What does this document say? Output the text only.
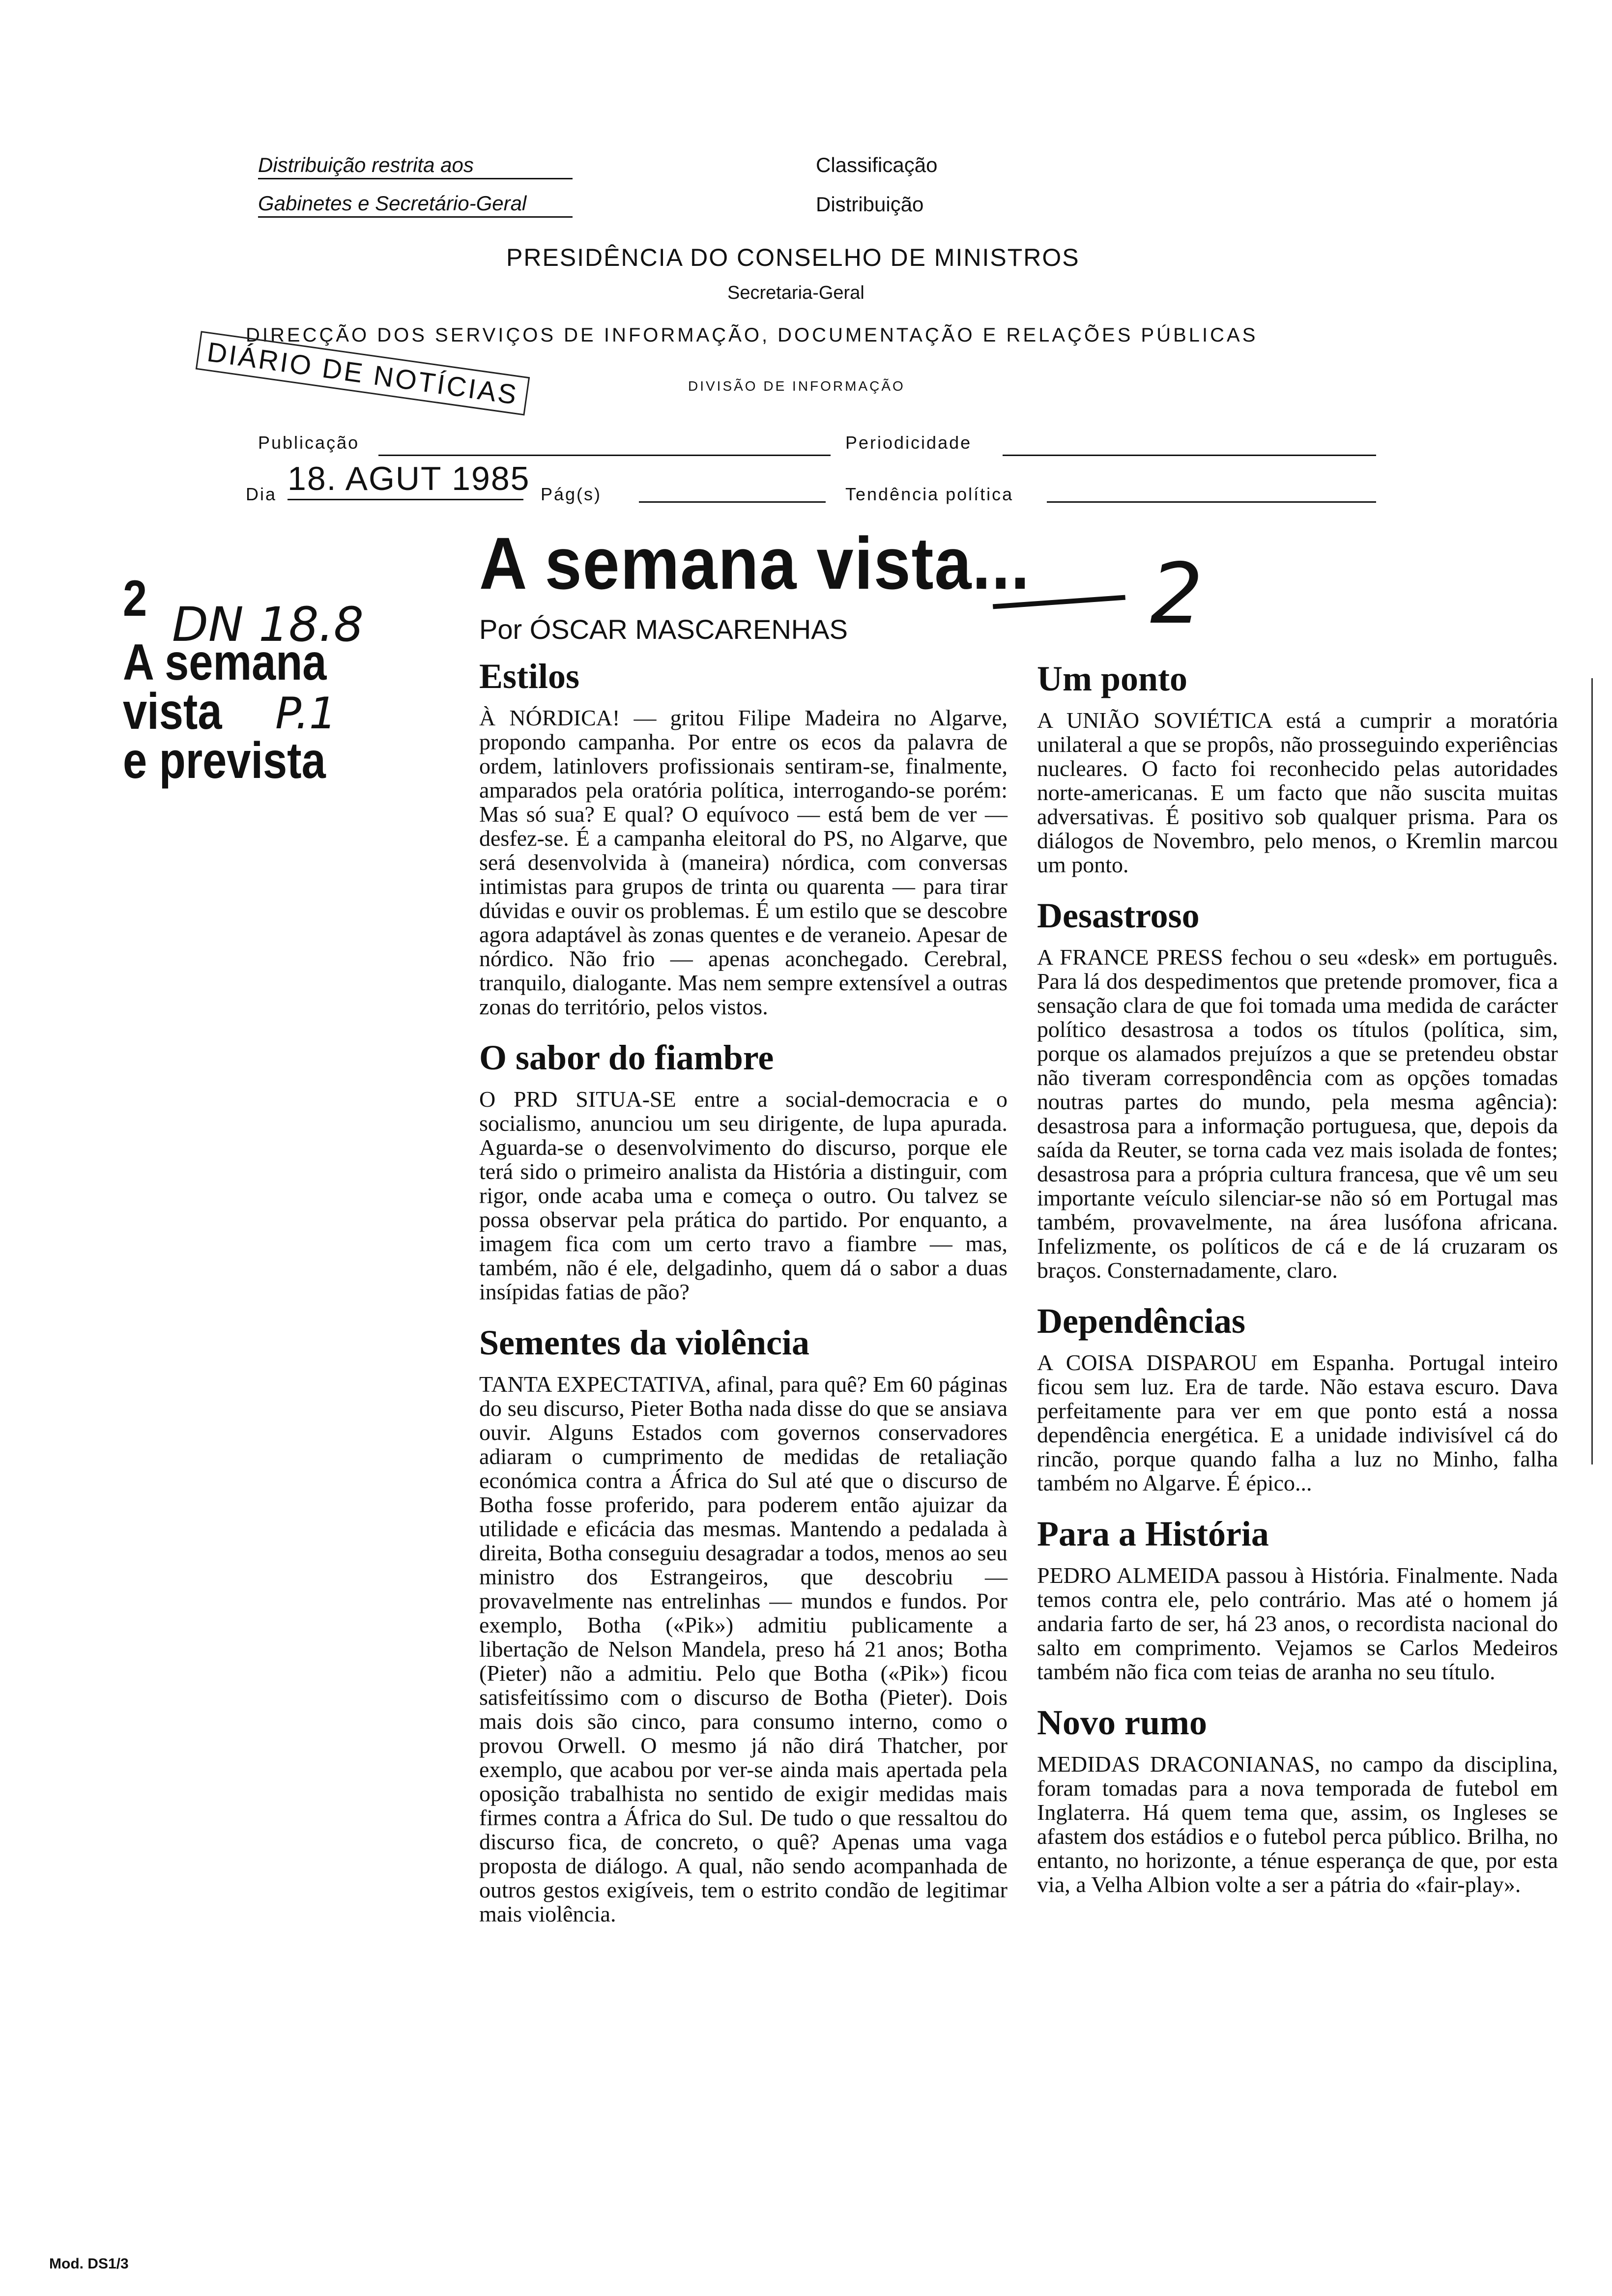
Distribuição restrita aos
Gabinetes e Secretário-Geral
Classificação
Distribuição
PRESIDÊNCIA DO CONSELHO DE MINISTROS
Secretaria-Geral
DIRECÇÃO DOS SERVIÇOS DE INFORMAÇÃO, DOCUMENTAÇÃO E RELAÇÕES PÚBLICAS
DIÁRIO DE NOTÍCIAS	DIVISÃO DE INFORMAÇÃO
Publicação	Periodicidade
Dia 18. AGUT 1985 Pág(s)	Tendência política
2 DN 18.8
A semana
vista
e prevista
P.1
A semana vista... 2
Por ÓSCAR MASCARENHAS
Estilos

À NÓRDICA! — gritou Filipe Madeira no Algarve, propondo campanha. Por entre os ecos da palavra de ordem, latinlovers profissionais sentiram-se, finalmente, amparados pela oratória política, interrogando-se porém: Mas só sua? E qual? O equívoco — está bem de ver — desfez-se. É a campanha eleitoral do PS, no Algarve, que será desenvolvida à (maneira) nórdica, com conversas intimistas para grupos de trinta ou quarenta — para tirar dúvidas e ouvir os problemas. É um estilo que se descobre agora adaptável às zonas quentes e de veraneio. Apesar de nórdico. Não frio — apenas aconchegado. Cerebral, tranquilo, dialogante. Mas nem sempre extensível a outras zonas do território, pelos vistos.

O sabor do fiambre

O PRD SITUA-SE entre a social-democracia e o socialismo, anunciou um seu dirigente, de lupa apurada. Aguarda-se o desenvolvimento do discurso, porque ele terá sido o primeiro analista da História a distinguir, com rigor, onde acaba uma e começa o outro. Ou talvez se possa observar pela prática do partido. Por enquanto, a imagem fica com um certo travo a fiambre — mas, também, não é ele, delgadinho, quem dá o sabor a duas insípidas fatias de pão?

Sementes da violência

TANTA EXPECTATIVA, afinal, para quê? Em 60 páginas do seu discurso, Pieter Botha nada disse do que se ansiava ouvir. Alguns Estados com governos conservadores adiaram o cumprimento de medidas de retaliação económica contra a África do Sul até que o discurso de Botha fosse proferido, para poderem então ajuizar da utilidade e eficácia das mesmas. Mantendo a pedalada à direita, Botha conseguiu desagradar a todos, menos ao seu ministro dos Estrangeiros, que descobriu — provavelmente nas entrelinhas — mundos e fundos. Por exemplo, Botha («Pik») admitiu publicamente a libertação de Nelson Mandela, preso há 21 anos; Botha (Pieter) não a admitiu. Pelo que Botha («Pik») ficou satisfeitíssimo com o discurso de Botha (Pieter). Dois mais dois são cinco, para consumo interno, como o provou Orwell. O mesmo já não dirá Thatcher, por exemplo, que acabou por ver-se ainda mais apertada pela oposição trabalhista no sentido de exigir medidas mais firmes contra a África do Sul. De tudo o que ressaltou do discurso fica, de concreto, o quê? Apenas uma vaga proposta de diálogo. A qual, não sendo acompanhada de outros gestos exigíveis, tem o estrito condão de legitimar mais violência.

Um ponto

A UNIÃO SOVIÉTICA está a cumprir a moratória unilateral a que se propôs, não prosseguindo experiências nucleares. O facto foi reconhecido pelas autoridades norte-americanas. E um facto que não suscita muitas adversativas. É positivo sob qualquer prisma. Para os diálogos de Novembro, pelo menos, o Kremlin marcou um ponto.

Desastroso

A FRANCE PRESS fechou o seu «desk» em português. Para lá dos despedimentos que pretende promover, fica a sensação clara de que foi tomada uma medida de carácter político desastrosa a todos os títulos (política, sim, porque os alamados prejuízos a que se pretendeu obstar não tiveram correspondência com as opções tomadas noutras partes do mundo, pela mesma agência): desastrosa para a informação portuguesa, que, depois da saída da Reuter, se torna cada vez mais isolada de fontes; desastrosa para a própria cultura francesa, que vê um seu importante veículo silenciar-se não só em Portugal mas também, provavelmente, na área lusófona africana. Infelizmente, os políticos de cá e de lá cruzaram os braços. Consternadamente, claro.

Dependências

A COISA DISPAROU em Espanha. Portugal inteiro ficou sem luz. Era de tarde. Não estava escuro. Dava perfeitamente para ver em que ponto está a nossa dependência energética. E a unidade indivisível cá do rincão, porque quando falha a luz no Minho, falha também no Algarve. É épico...

Para a História

PEDRO ALMEIDA passou à História. Finalmente. Nada temos contra ele, pelo contrário. Mas até o homem já andaria farto de ser, há 23 anos, o recordista nacional do salto em comprimento. Vejamos se Carlos Medeiros também não fica com teias de aranha no seu título.

Novo rumo

MEDIDAS DRACONIANAS, no campo da disciplina, foram tomadas para a nova temporada de futebol em Inglaterra. Há quem tema que, assim, os Ingleses se afastem dos estádios e o futebol perca público. Brilha, no entanto, no horizonte, a ténue esperança de que, por esta via, a Velha Albion volte a ser a pátria do «fair-play».

Mod. DS1/3
